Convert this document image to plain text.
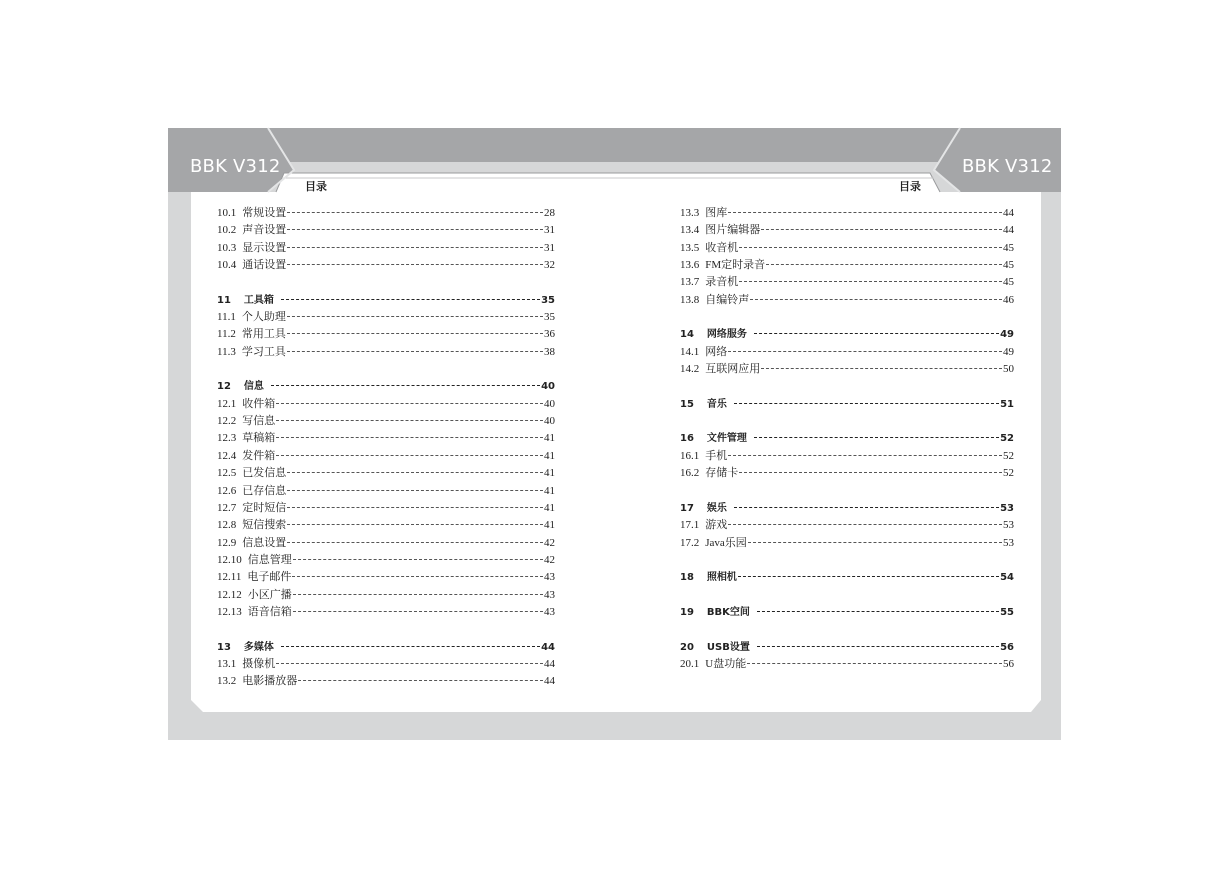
BBK V312	BBK V312
目录	目录
10.1 常规设置	28
10.2 声音设置	31
10.3 显示设置	31
10.4 通话设置	32
11 工具箱	35
11.1 个人助理	35
11.2 常用工具	36
11.3 学习工具	38
12 信息	40
12.1 收件箱	40
12.2 写信息	40
12.3 草稿箱	41
12.4 发件箱	41
12.5 已发信息	41
12.6 已存信息	41
12.7 定时短信	41
12.8 短信搜索	41
12.9 信息设置	42
12.10 信息管理	42
12.11 电子邮件	43
12.12 小区广播	43
12.13 语音信箱	43
13 多媒体	44
13.1 摄像机	44
13.2 电影播放器	44
13.3 图库	44
13.4 图片编辑器	44
13.5 收音机	45
13.6 FM定时录音	45
13.7 录音机	45
13.8 自编铃声	46
14 网络服务	49
14.1 网络	49
14.2 互联网应用	50
15 音乐	51
16 文件管理	52
16.1 手机	52
16.2 存储卡	52
17 娱乐	53
17.1 游戏	53
17.2 Java乐园	53
18 照相机	54
19 BBK空间	55
20 USB设置	56
20.1 U盘功能	56
